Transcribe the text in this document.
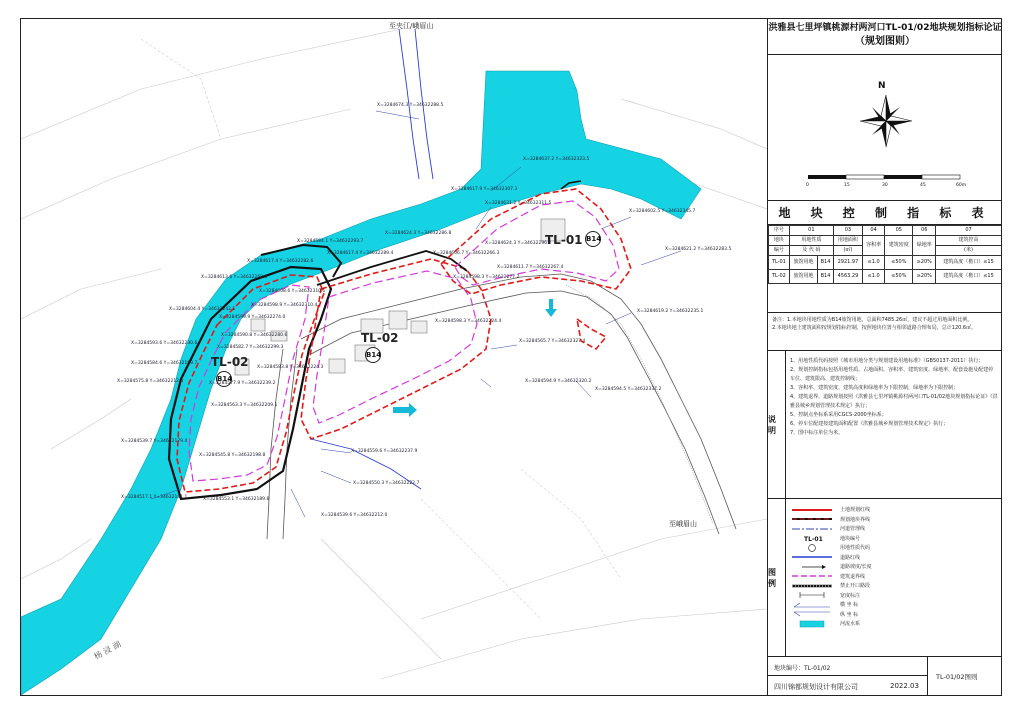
至夹江/峨眉山
至峨眉山
杨 浸 湖
TL-01 B14
TL-02
B14
TL-02
B14
X=3284674.3 Y=34632288.5
X=3284637.2 Y=34632323.5
X=3284617.9 Y=34632307.3
X=3284631.2 Y=34632311.5
X=3284602.5 Y=34632345.7
X=3284624.3 Y=34632286.8
X=3284624.3 Y=34632296.2
X=3284584.1 Y=34632293.7
X=3284606.7 Y=34632266.3
X=3284621.2 Y=34632283.5
X=3284617.4 Y=34632282.6
X=3284617.4 Y=34632289.4
X=3284613.6 Y=34632268.8
X=3284611.7 Y=34632267.4
X=3284598.3 Y=34632277.2
X=3284604.4 Y=34632242.1
X=3284608.6 Y=34632310.1
X=3284598.9 Y=34632310.4
X=3284599.9 Y=34632274.0
X=3284590.8 Y=34632280.6
X=3284598.3 Y=34632224.4
X=3284583.8 Y=34632224.3
X=3284577.9 Y=34632239.2
X=3284582.7 Y=34632299.3
X=3284593.6 Y=34632230.6
X=3284619.2 Y=34632235.1
X=3284584.6 Y=34632199.7
X=3284563.3 Y=34632209.1
X=3284575.8 Y=34632212.0
X=3284565.7 Y=34632327.4
X=3284594.9 Y=34632320.2
X=3284594.5 Y=34632337.2
X=3284559.6 Y=34632237.9
X=3284550.3 Y=34632222.7
X=3284539.6 Y=34632212.0
X=3284545.8 Y=34632198.8
X=3284553.1 Y=34632189.8
X=3284539.7 Y=34632179.4
X=3284517.1 Y=34632181.1
洪雅县七里坪镇桃源村两河口TL-01/02地块规划指标论证
（规划图则）
N
0	15	30	45	60m
地 块 控 制 指 标 表
序号	01		03	04	05	06	07
地块	用地性质		用地面积	容积率	建筑密度	绿地率	建筑控高
编号	及 代 码		(㎡)				(米)
TL-01	旅馆用地	B14	2921.97	≤1.0	≤50%	≥20%	建筑高度（檐口）≤15
TL-02	旅馆用地	B14	4563.29	≤1.0	≤50%	≥20%	建筑高度（檐口）≤15
备注：1.本地块用地性质为B14旅馆用地，总面积7485.26㎡，建议不超过用地面积比例。
2.本地块地上建筑面积按规划指标控制，按照地块位置与相邻道路合理布局，总计120.6㎡。
说 明
1、用地性质代码按照《城市用地分类与规划建设用地标准》（GB50137-2011）执行；
2、规划控制指标包括用地性质、占地面积、容积率、建筑密度、绿地率、配套设施及配建停车位、建筑限高、建筑控制线；
3、容积率、建筑密度、建筑高度和绿地率为下限控制，绿地率为下限控制；
4、建筑退界、道路规划按照《洪雅县七里坪镇桃源村两河口TL-01/02地块规划指标论证》《洪雅县城乡规划管理技术规定》执行；
5、控制点坐标系采用CGCS-2000坐标系；
6、停车位配建按建筑面积配置《洪雅县城乡规划管理技术规定》执行；
7、图中标注单位为米。
图 例
土地规划红线
规划地块界线
河道管理线
TL-01	地块编号
用地性质代码
道路红线
道路坡度/长度
建筑退界线
禁止开口路段
宽度标注
横 坐 标
纵 坐 标
河流水系
地块编号：TL-01/02
四川锦都规划设计有限公司	2022.03
TL-01/02图则
